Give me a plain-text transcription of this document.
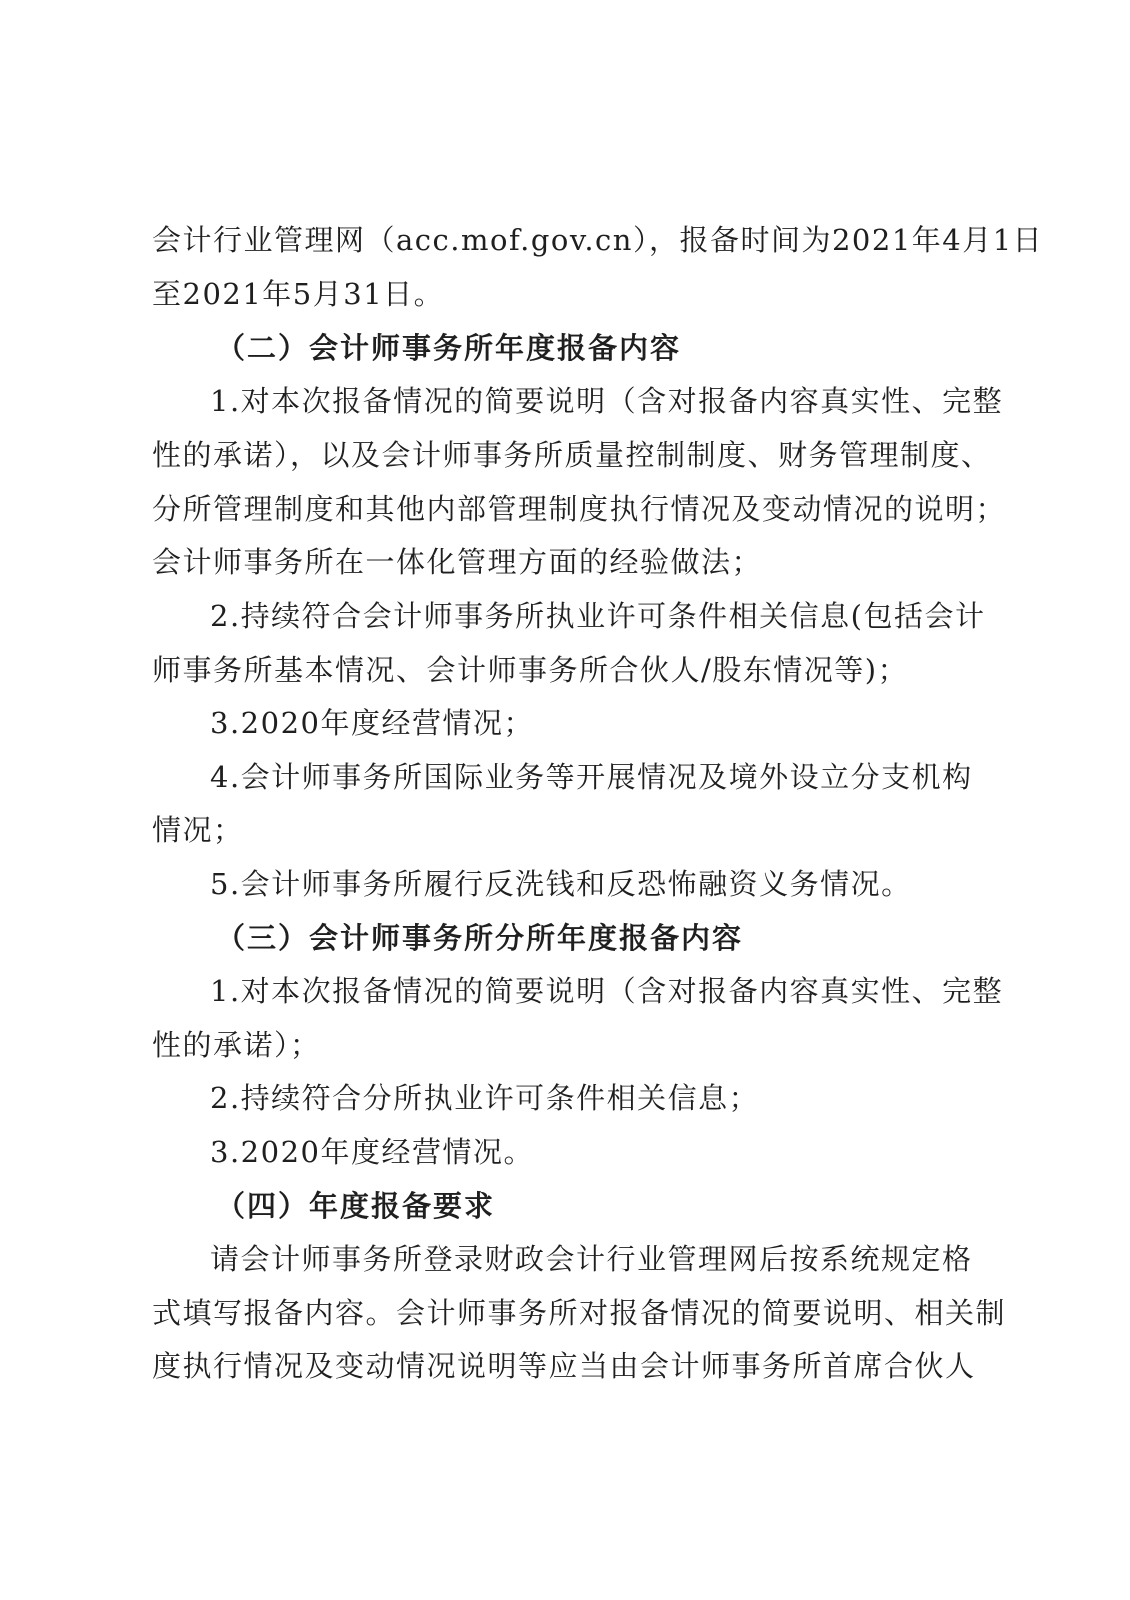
会计行业管理网（acc.mof.gov.cn），报备时间为2021年4月1日
至2021年5月31日。
（二）会计师事务所年度报备内容
1.对本次报备情况的简要说明（含对报备内容真实性、完整
性的承诺），以及会计师事务所质量控制制度、财务管理制度、
分所管理制度和其他内部管理制度执行情况及变动情况的说明；
会计师事务所在一体化管理方面的经验做法；
2.持续符合会计师事务所执业许可条件相关信息(包括会计
师事务所基本情况、会计师事务所合伙人/股东情况等)；
3.2020年度经营情况；
4.会计师事务所国际业务等开展情况及境外设立分支机构
情况；
5.会计师事务所履行反洗钱和反恐怖融资义务情况。
（三）会计师事务所分所年度报备内容
1.对本次报备情况的简要说明（含对报备内容真实性、完整
性的承诺）；
2.持续符合分所执业许可条件相关信息；
3.2020年度经营情况。
（四）年度报备要求
请会计师事务所登录财政会计行业管理网后按系统规定格
式填写报备内容。会计师事务所对报备情况的简要说明、相关制
度执行情况及变动情况说明等应当由会计师事务所首席合伙人
